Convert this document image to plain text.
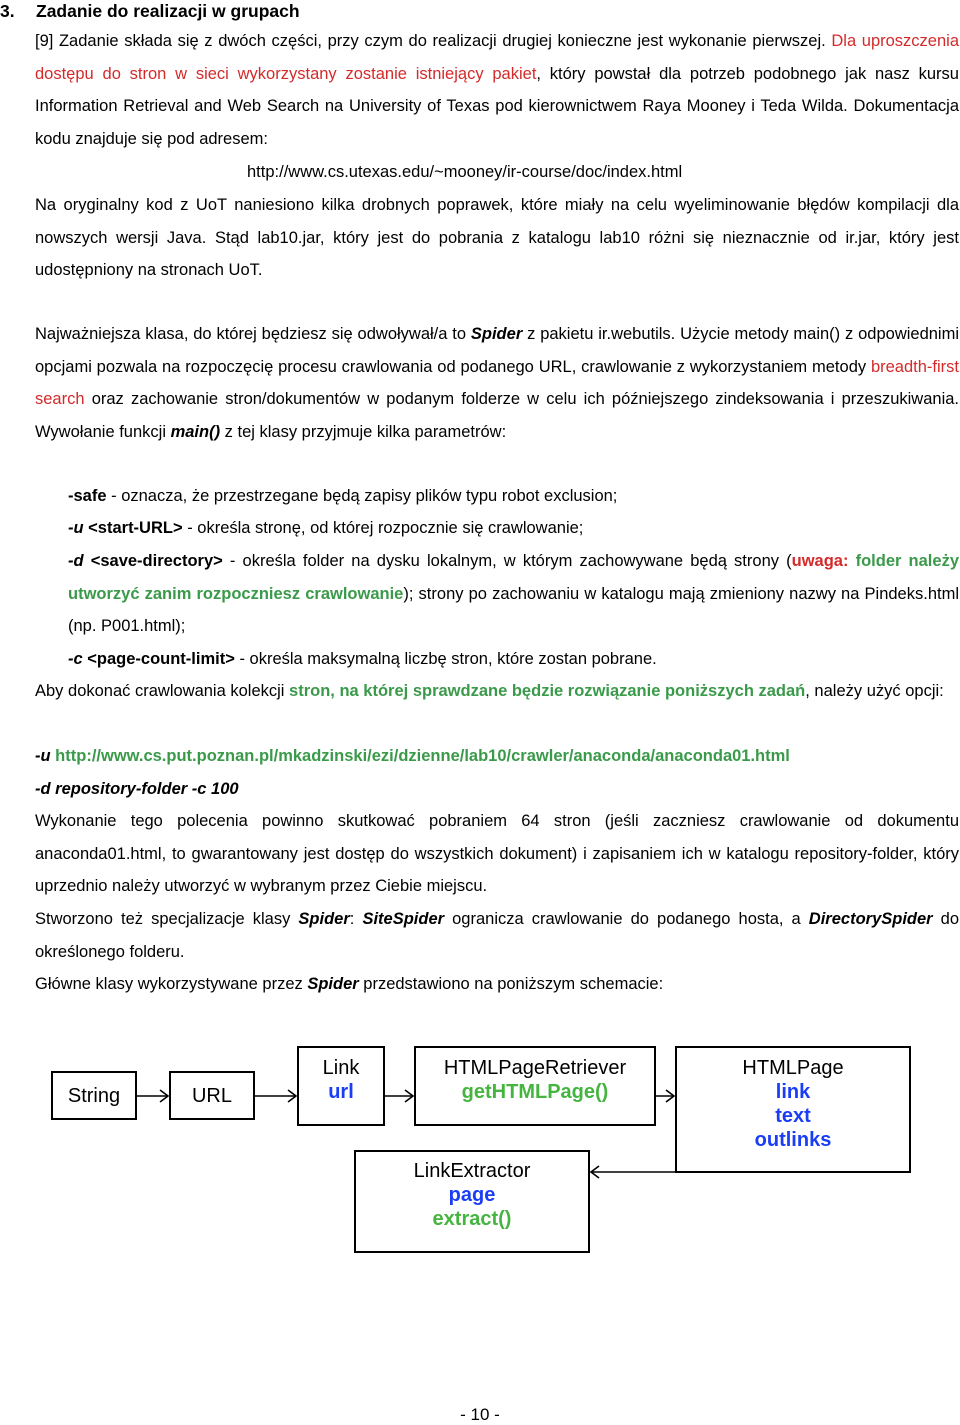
3. Zadanie do realizacji w grupach
[9] Zadanie składa się z dwóch części, przy czym do realizacji drugiej konieczne jest wykonanie pierwszej. Dla uproszczenia dostępu do stron w sieci wykorzystany zostanie istniejący pakiet, który powstał dla potrzeb podobnego jak nasz kursu Information Retrieval and Web Search na University of Texas pod kierownictwem Raya Mooney i Teda Wilda. Dokumentacja kodu znajduje się pod adresem:
http://www.cs.utexas.edu/~mooney/ir-course/doc/index.html
Na oryginalny kod z UoT naniesiono kilka drobnych poprawek, które miały na celu wyeliminowanie błędów kompilacji dla nowszych wersji Java. Stąd lab10.jar, który jest do pobrania z katalogu lab10 różni się nieznacznie od ir.jar, który jest udostępniony na stronach UoT.
Najważniejsza klasa, do której będziesz się odwoływał/a to Spider z pakietu ir.webutils. Użycie metody main() z odpowiednimi opcjami pozwala na rozpoczęcię procesu crawlowania od podanego URL, crawlowanie z wykorzystaniem metody breadth-first search oraz zachowanie stron/dokumentów w podanym folderze w celu ich późniejszego zindeksowania i przeszukiwania. Wywołanie funkcji main() z tej klasy przyjmuje kilka parametrów:
-safe - oznacza, że przestrzegane będą zapisy plików typu robot exclusion;
-u <start-URL> - określa stronę, od której rozpocznie się crawlowanie;
-d <save-directory> - określa folder na dysku lokalnym, w którym zachowywane będą strony (uwaga: folder należy utworzyć zanim rozpoczniesz crawlowanie); strony po zachowaniu w katalogu mają zmieniony nazwy na Pindeks.html (np. P001.html);
-c <page-count-limit> - określa maksymalną liczbę stron, które zostan pobrane.
Aby dokonać crawlowania kolekcji stron, na której sprawdzane będzie rozwiązanie poniższych zadań, należy użyć opcji:
-u http://www.cs.put.poznan.pl/mkadzinski/ezi/dzienne/lab10/crawler/anaconda/anaconda01.html
-d repository-folder -c 100
Wykonanie tego polecenia powinno skutkować pobraniem 64 stron (jeśli zaczniesz crawlowanie od dokumentu anaconda01.html, to gwarantowany jest dostęp do wszystkich dokument) i zapisaniem ich w katalogu repository-folder, który uprzednio należy utworzyć w wybranym przez Ciebie miejscu.
Stworzono też specjalizacje klasy Spider: SiteSpider ogranicza crawlowanie do podanego hosta, a DirectorySpider do określonego folderu.
Główne klasy wykorzystywane przez Spider przedstawiono na poniższym schemacie:
String	URL
Link
url
HTMLPageRetriever
getHTMLPage()
HTMLPage
link
text
outlinks
LinkExtractor
page
extract()
- 10 -
